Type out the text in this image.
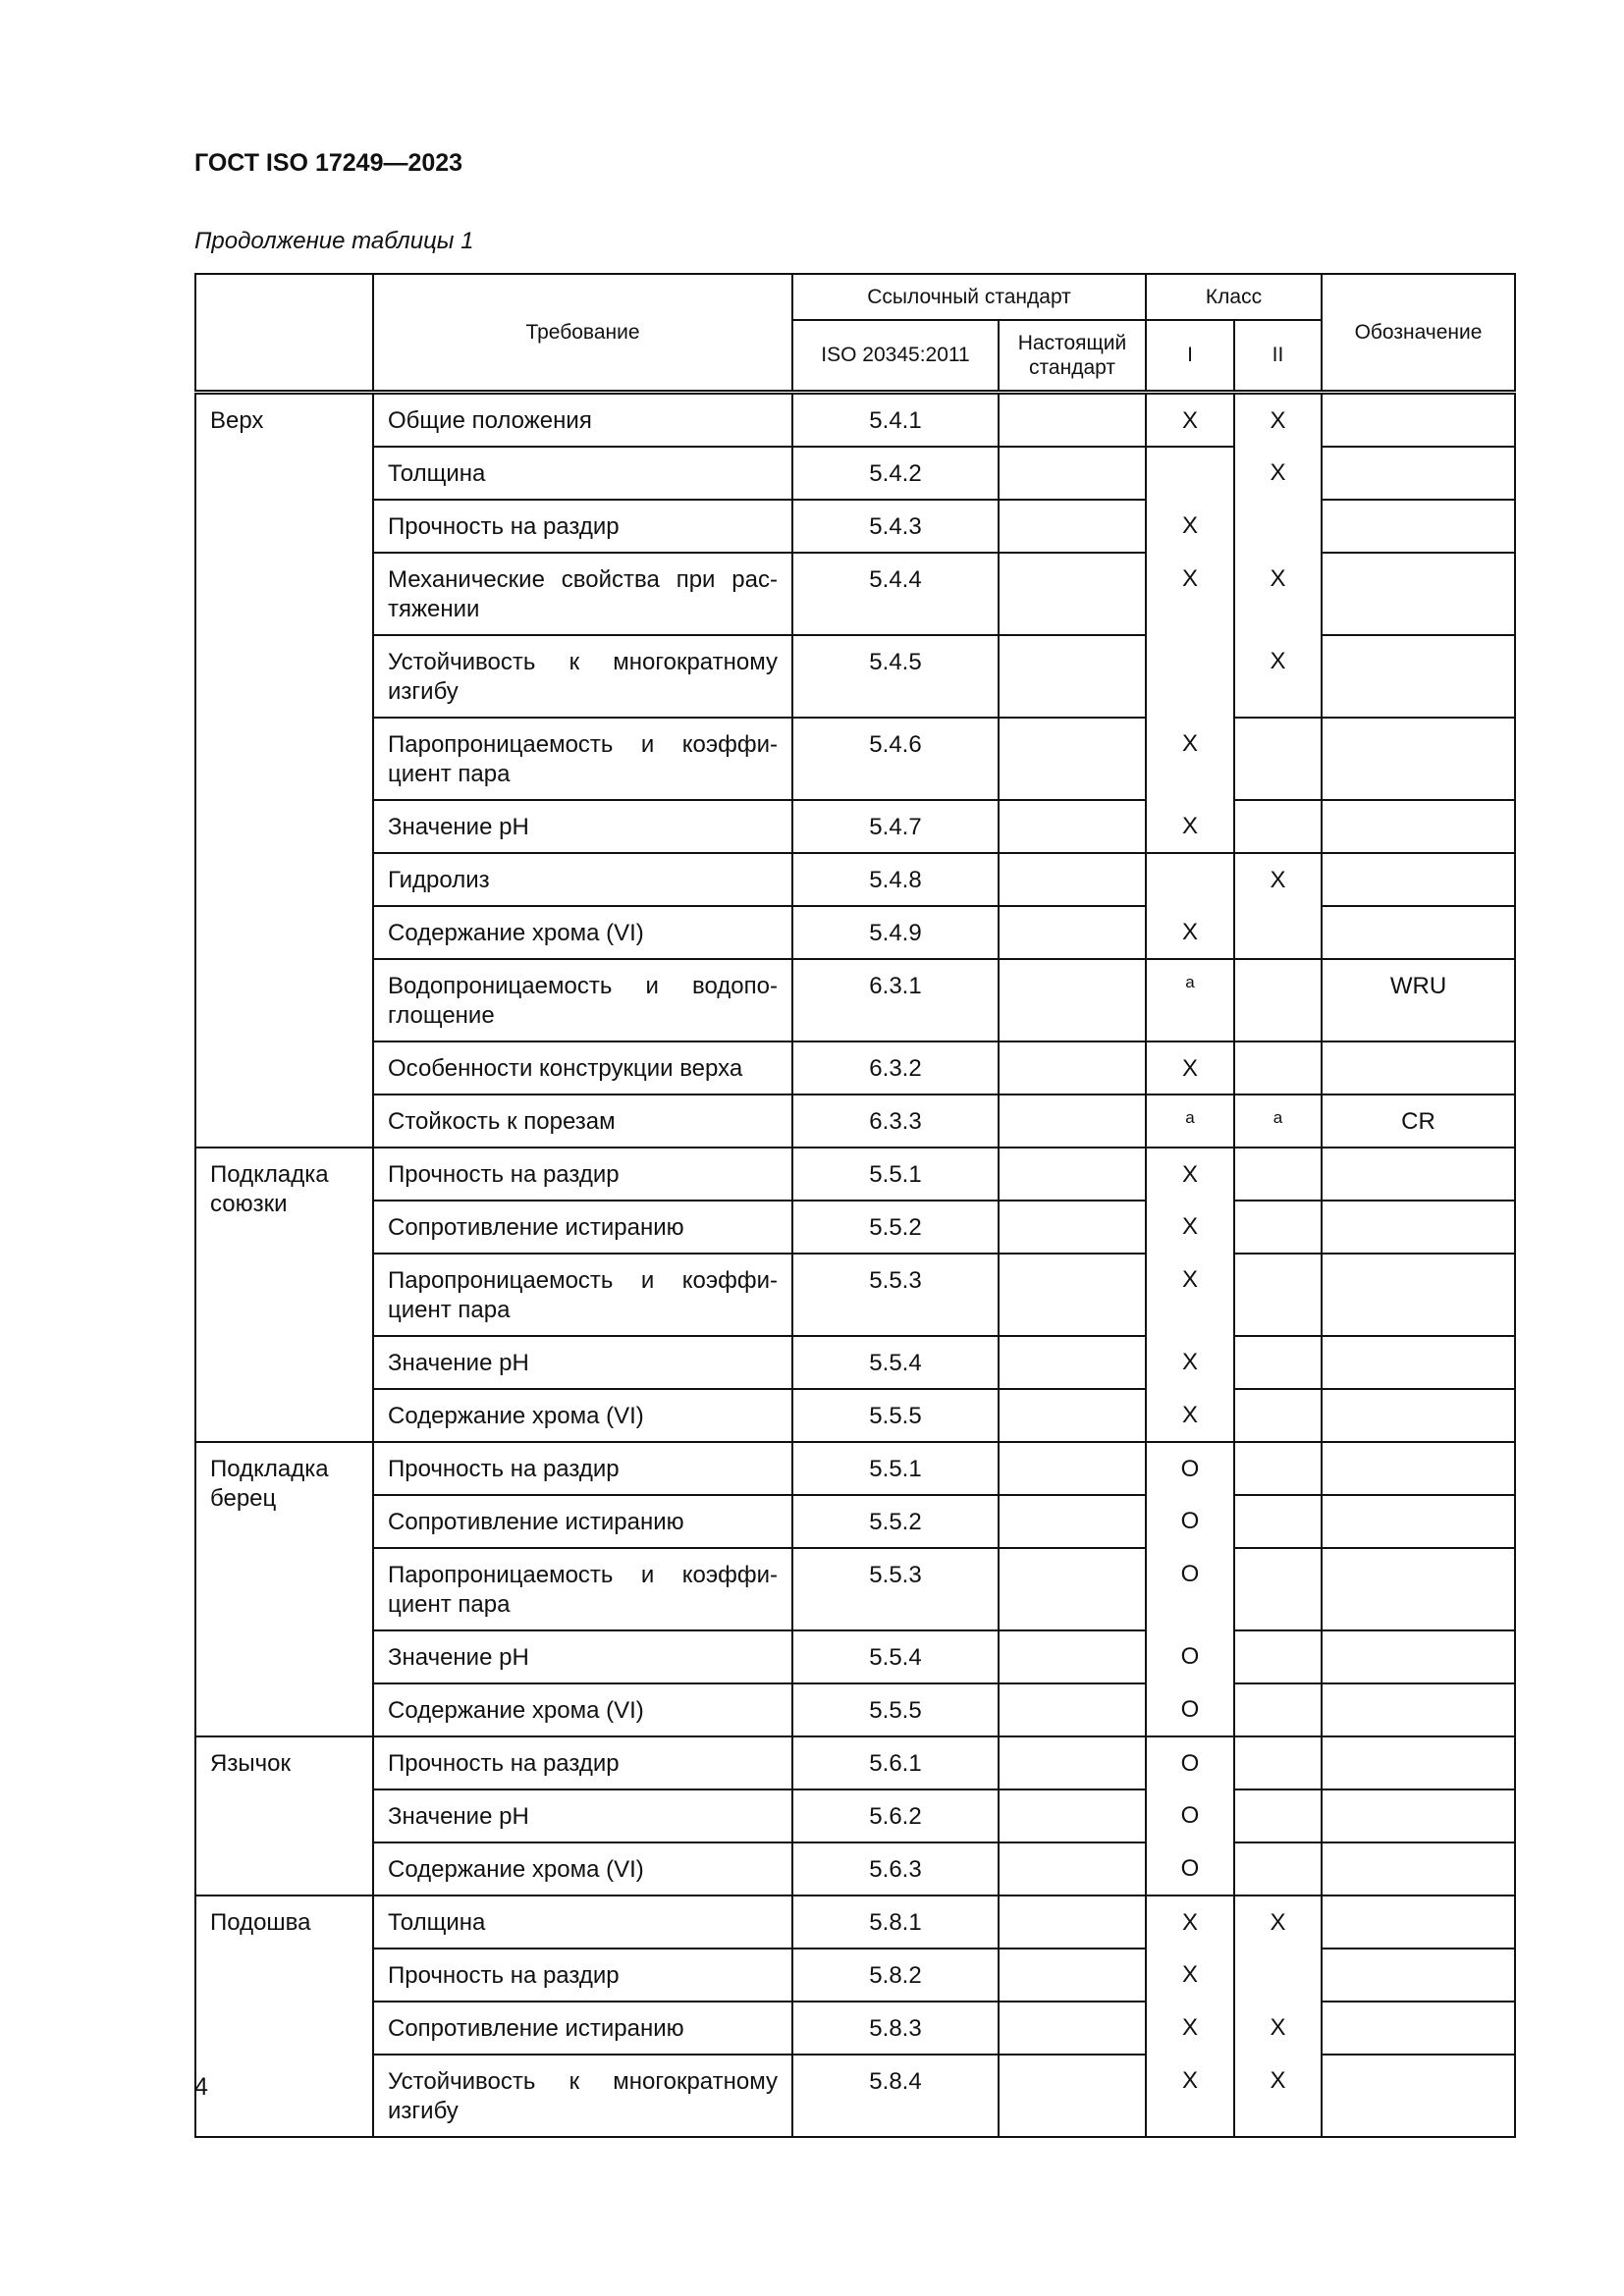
ГОСТ ISO 17249—2023
Продолжение таблицы 1
	Требование	Ссылочный стандарт		Класс		Обозначение
		ISO 20345:2011	Настоящий стандарт	I	II	
Верх	Общие положения	5.4.1		X	X	
	Толщина	5.4.2			X	
	Прочность на раздир	5.4.3		X		
	Механические свойства при растяжении	5.4.4		X	X	
	Устойчивость к многократному изгибу	5.4.5			X	
	Паропроницаемость и коэффициент пара	5.4.6		X		
	Значение pH	5.4.7		X		
	Гидролиз	5.4.8			X	
	Содержание хрома (VI)	5.4.9		X		
	Водопроницаемость и водопоглощение	6.3.1		a		WRU
	Особенности конструкции верха	6.3.2		X		
	Стойкость к порезам	6.3.3		a	a	CR
Подкладка союзки	Прочность на раздир	5.5.1		X		
	Сопротивление истиранию	5.5.2		X		
	Паропроницаемость и коэффициент пара	5.5.3		X		
	Значение pH	5.5.4		X		
	Содержание хрома (VI)	5.5.5		X		
Подкладка берец	Прочность на раздир	5.5.1		O		
	Сопротивление истиранию	5.5.2		O		
	Паропроницаемость и коэффициент пара	5.5.3		O		
	Значение pH	5.5.4		O		
	Содержание хрома (VI)	5.5.5		O		
Язычок	Прочность на раздир	5.6.1		O		
	Значение pH	5.6.2		O		
	Содержание хрома (VI)	5.6.3		O		
Подошва	Толщина	5.8.1		X	X	
	Прочность на раздир	5.8.2		X		
	Сопротивление истиранию	5.8.3		X	X	
	Устойчивость к многократному изгибу	5.8.4		X	X	
4
